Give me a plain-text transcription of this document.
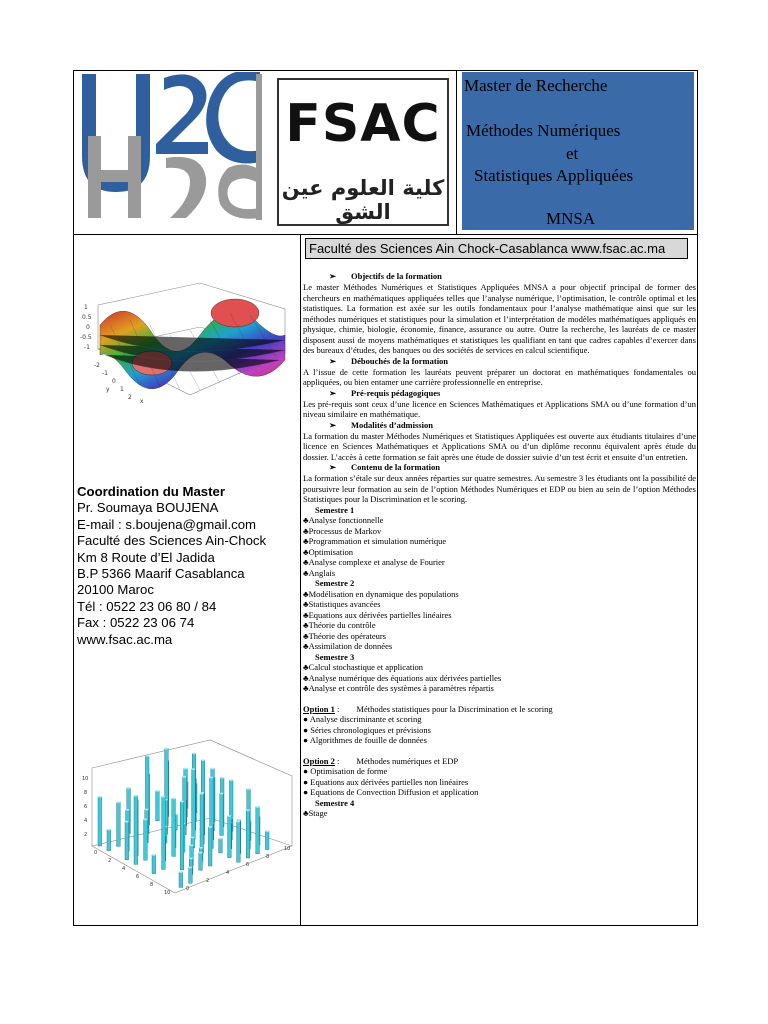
FSAC
كلية العلوم عين الشق
Master de Recherche
Méthodes Numériques
et
Statistiques Appliquées
MNSA
Faculté des Sciences Ain Chock-Casablanca www.fsac.ac.ma
1
0.5
0
-0.5
-1
-2
-1
0
1
2
y
x
Coordination du Master
Pr. Soumaya BOUJENA
E-mail : s.boujena@gmail.com
Faculté des Sciences Ain-Chock
Km 8 Route d’El Jadida
B.P 5366 Maarif Casablanca
20100 Maroc
Tél : 0522 23 06 80 / 84
Fax : 0522 23 06 74
www.fsac.ac.ma
10
8
6
4
2
0
2
4
6
8
10
0
2
4
6
8
10
➢ Objectifs de la formation
Le master Méthodes Numériques et Statistiques Appliquées MNSA a pour objectif principal de former des chercheurs en mathématiques appliquées telles que l’analyse numérique, l’optimisation, le contrôle optimal et les statistiques. La formation est axée sur les outils fondamentaux pour l’analyse mathématique ainsi que sur les méthodes numériques et statistiques pour la simulation et l’interprétation de modèles mathématiques appliqués en physique, chimie, biologie, économie, finance, assurance ou autre. Outre la recherche, les lauréats de ce master disposent aussi de moyens mathématiques et statistiques les qualifiant en tant que cadres capables d’exercer dans des bureaux d’études, des banques ou des sociétés de services en calcul scientifique.
➢ Débouchés de la formation
A l’issue de cette formation les lauréats peuvent préparer un doctorat en mathématiques fondamentales ou appliquées, ou bien entamer une carrière professionnelle en entreprise.
➢ Pré-requis pédagogiques
Les pré-requis sont ceux d’une licence en Sciences Mathématiques et Applications SMA ou d’une formation d’un niveau similaire en mathématique.
➢ Modalités d’admission
La formation du master Méthodes Numériques et Statistiques Appliquées est ouverte aux étudiants titulaires d’une licence en Sciences Mathématiques et Applications SMA ou d’un diplôme reconnu équivalent après étude du dossier. L’accès à cette formation se fait après une étude de dossier suivie d’un test écrit et ensuite d’un entretien.
➢ Contenu de la formation
La formation s’étale sur deux années réparties sur quatre semestres. Au semestre 3 les étudiants ont la possibilité de poursuivre leur formation au sein de l’option Méthodes Numériques et EDP ou bien au sein de l’option Méthodes Statistiques pour la Discrimination et le scoring.
Semestre 1
♣Analyse fonctionnelle
♣Processus de Markov
♣Programmation et simulation numérique
♣Optimisation
♣Analyse complexe et analyse de Fourier
♣Anglais
Semestre 2
♣Modélisation en dynamique des populations
♣Statistiques avancées
♣Equations aux dérivées partielles linéaires
♣Théorie du contrôle
♣Théorie des opérateurs
♣Assimilation de données
Semestre 3
♣Calcul stochastique et application
♣Analyse numérique des équations aux dérivées partielles
♣Analyse et contrôle des systèmes à paramètres répartis
Option 1 : Méthodes statistiques pour la Discrimination et le scoring
● Analyse discriminante et scoring
● Séries chronologiques et prévisions
● Algorithmes de fouille de données
Option 2 : Méthodes numériques et EDP
● Optimisation de forme
● Equations aux dérivées partielles non linéaires
● Equations de Convection Diffusion et application
Semestre 4
♣Stage
